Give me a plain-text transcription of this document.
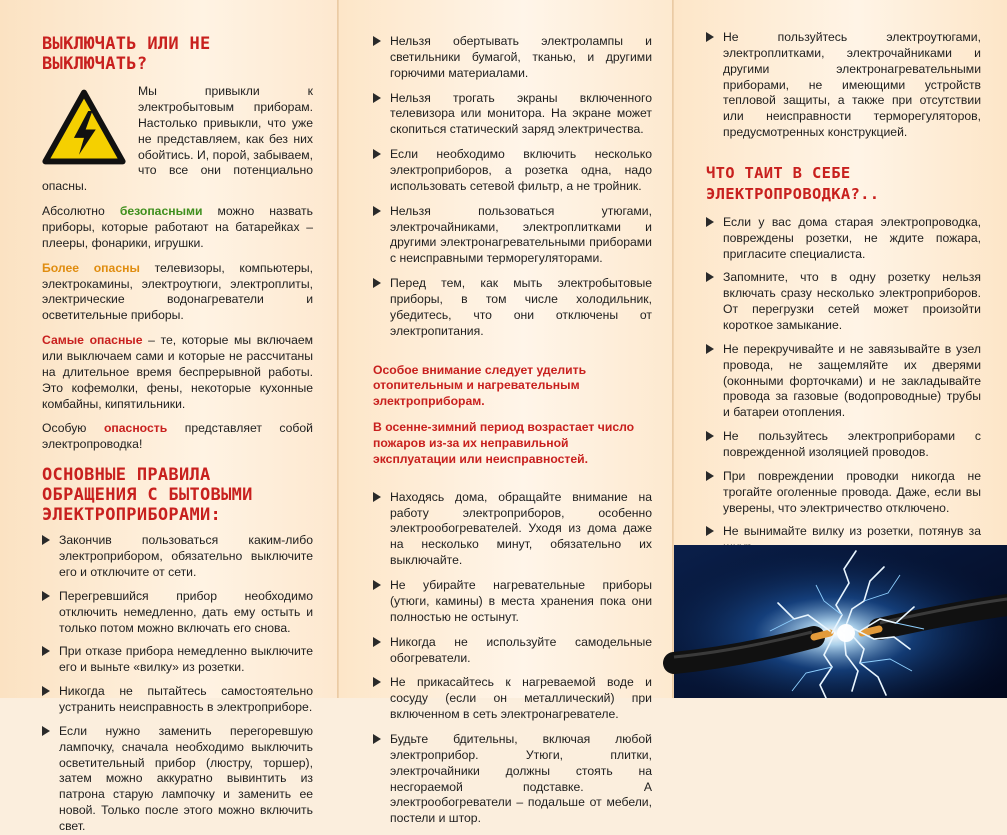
ВЫКЛЮЧАТЬ ИЛИ НЕ ВЫКЛЮЧАТЬ?

Мы привыкли к электробытовым приборам. Настолько привыкли, что уже не представляем, как без них обойтись. И, порой, забываем, что все они потенциально опасны.

Абсолютно безопасными можно назвать приборы, которые работают на батарейках – плееры, фонарики, игрушки.

Более опасны телевизоры, компьютеры, электрокамины, электроутюги, электроплиты, электрические водонагреватели и осветительные приборы.

Самые опасные – те, которые мы включаем или выключаем сами и которые не рассчитаны на длительное время беспрерывной работы. Это кофемолки, фены, некоторые кухонные комбайны, кипятильники.

Особую опасность представляет собой электропроводка!

ОСНОВНЫЕ ПРАВИЛА ОБРАЩЕНИЯ С БЫТОВЫМИ ЭЛЕКТРОПРИБОРАМИ:
Закончив пользоваться каким-либо электроприбором, обязательно выключите его и отключите от сети.
Перегревшийся прибор необходимо отключить немедленно, дать ему остыть и только потом можно включать его снова.
При отказе прибора немедленно выключите его и выньте «вилку» из розетки.
Никогда не пытайтесь самостоятельно устранить неисправность в электроприборе.
Если нужно заменить перегоревшую лампочку, сначала необходимо выключить осветительный прибор (люстру, торшер), затем можно аккуратно вывинтить из патрона старую лампочку и заменить ее новой. Только после этого можно включить свет.
Нельзя обертывать электролампы и светильники бумагой, тканью, и другими горючими материалами.
Нельзя трогать экраны включенного телевизора или монитора. На экране может скопиться статический заряд электричества.
Если необходимо включить несколько электроприборов, а розетка одна, надо использовать сетевой фильтр, а не тройник.
Нельзя пользоваться утюгами, электрочайниками, электроплитками и другими электронагревательными приборами с неисправными терморегуляторами.
Перед тем, как мыть электробытовые приборы, в том числе холодильник, убедитесь, что они отключены от электропитания.

Особое внимание следует уделить отопительным и нагревательным электроприборам.

В осенне-зимний период возрастает число пожаров из-за их неправильной эксплуатации или неисправностей.

Находясь дома, обращайте внимание на работу электроприборов, особенно электрообогревателей. Уходя из дома даже на несколько минут, обязательно их выключайте.
Не убирайте нагревательные приборы (утюги, камины) в места хранения пока они полностью не остынут.
Никогда не используйте самодельные обогреватели.
Не прикасайтесь к нагреваемой воде и сосуду (если он металлический) при включенном в сеть электронагревателе.
Будьте бдительны, включая любой электроприбор. Утюги, плитки, электрочайники должны стоять на несгораемой подставке. А электрообогреватели – подальше от мебели, постели и штор.
Не пользуйтесь электроутюгами, электроплитками, электрочайниками и другими электронагревательными приборами, не имеющими устройств тепловой защиты, а также при отсутствии или неисправности терморегуляторов, предусмотренных конструкцией.
ЧТО ТАИТ В СЕБЕ ЭЛЕКТРОПРОВОДКА?..
Если у вас дома старая электропроводка, повреждены розетки, не ждите пожара, пригласите специалиста.
Запомните, что в одну розетку нельзя включать сразу несколько электроприборов. От перегрузки сетей может произойти короткое замыкание.
Не перекручивайте и не завязывайте в узел провода, не защемляйте их дверями (оконными форточками) и не закладывайте провода за газовые (водопроводные) трубы и батареи отопления.
Не пользуйтесь электроприборами с поврежденной изоляцией проводов.
При повреждении проводки никогда не трогайте оголенные провода. Даже, если вы уверены, что электричество отключено.
Не вынимайте вилку из розетки, потянув за
